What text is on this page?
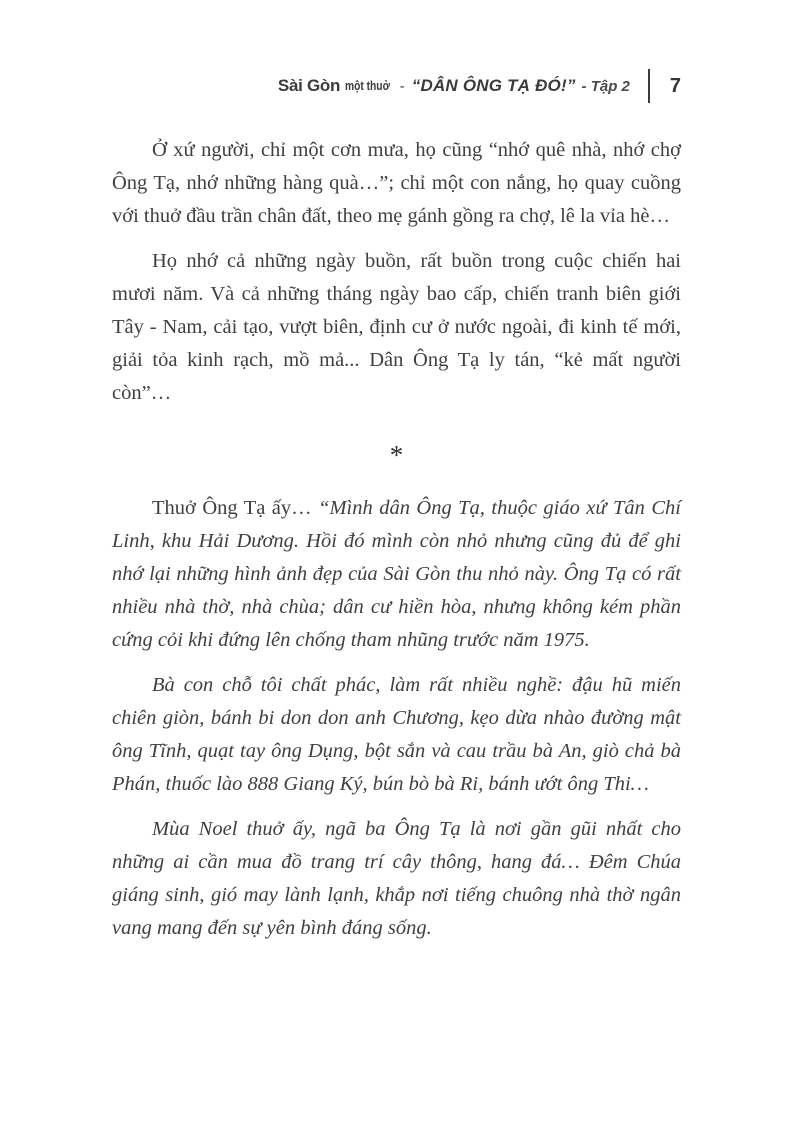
Sài Gòn một thuở - “DÂN ÔNG TẠ ĐÓ!” - Tập 2 7

Ở xứ người, chỉ một cơn mưa, họ cũng “nhớ quê nhà, nhớ chợ Ông Tạ, nhớ những hàng quà…”; chỉ một con nắng, họ quay cuồng với thuở đầu trần chân đất, theo mẹ gánh gồng ra chợ, lê la vỉa hè…

Họ nhớ cả những ngày buồn, rất buồn trong cuộc chiến hai mươi năm. Và cả những tháng ngày bao cấp, chiến tranh biên giới Tây - Nam, cải tạo, vượt biên, định cư ở nước ngoài, đi kinh tế mới, giải tỏa kinh rạch, mồ mả... Dân Ông Tạ ly tán, “kẻ mất người còn”…

*

Thuở Ông Tạ ấy… “Mình dân Ông Tạ, thuộc giáo xứ Tân Chí Linh, khu Hải Dương. Hồi đó mình còn nhỏ nhưng cũng đủ để ghi nhớ lại những hình ảnh đẹp của Sài Gòn thu nhỏ này. Ông Tạ có rất nhiều nhà thờ, nhà chùa; dân cư hiền hòa, nhưng không kém phần cứng cỏi khi đứng lên chống tham nhũng trước năm 1975.

Bà con chỗ tôi chất phác, làm rất nhiều nghề: đậu hũ miến chiên giòn, bánh bi don don anh Chương, kẹo dừa nhào đường mật ông Tĩnh, quạt tay ông Dụng, bột sắn và cau trầu bà An, giò chả bà Phán, thuốc lào 888 Giang Ký, bún bò bà Ri, bánh ướt ông Thi…

Mùa Noel thuở ấy, ngã ba Ông Tạ là nơi gần gũi nhất cho những ai cần mua đồ trang trí cây thông, hang đá… Đêm Chúa giáng sinh, gió may lành lạnh, khắp nơi tiếng chuông nhà thờ ngân vang mang đến sự yên bình đáng sống.
